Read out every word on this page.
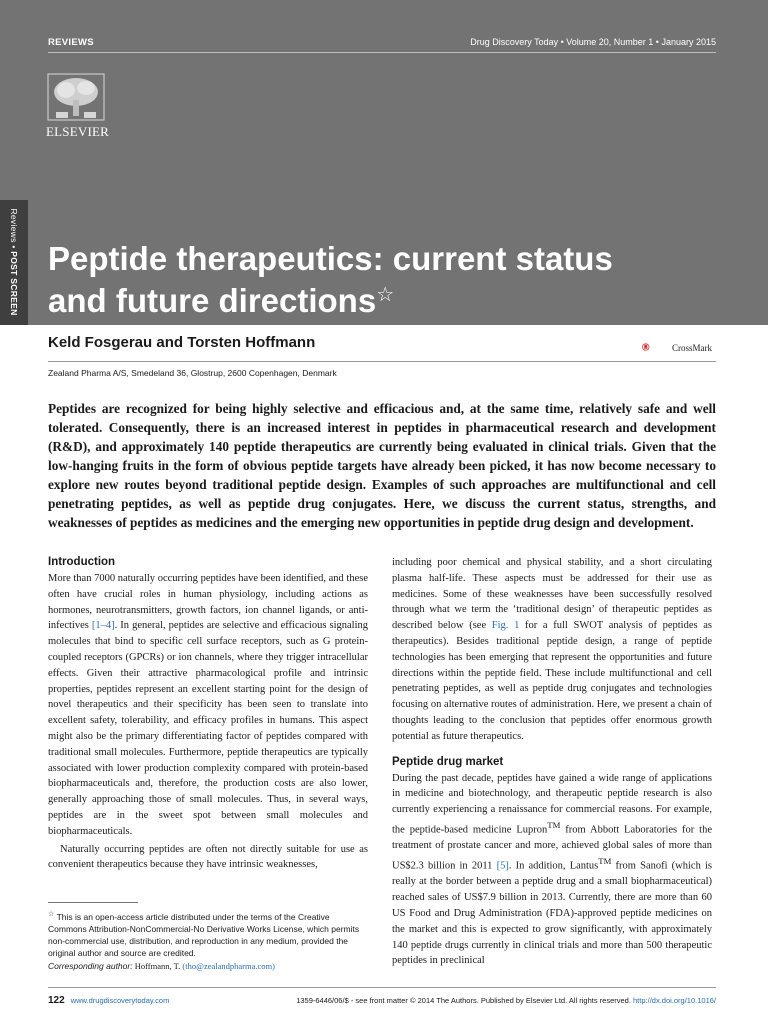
Reviews • POST SCREEN
REVIEWS	Drug Discovery Today • Volume 20, Number 1 • January 2015
ELSEVIER
Peptide therapeutics: current status
and future directions☆
Keld Fosgerau and Torsten Hoffmann	CrossMark
Zealand Pharma A/S, Smedeland 36, Glostrup, 2600 Copenhagen, Denmark

Peptides are recognized for being highly selective and efficacious and, at the same time, relatively safe and well tolerated. Consequently, there is an increased interest in peptides in pharmaceutical research and development (R&D), and approximately 140 peptide therapeutics are currently being evaluated in clinical trials. Given that the low-hanging fruits in the form of obvious peptide targets have already been picked, it has now become necessary to explore new routes beyond traditional peptide design. Examples of such approaches are multifunctional and cell penetrating peptides, as well as peptide drug conjugates. Here, we discuss the current status, strengths, and weaknesses of peptides as medicines and the emerging new opportunities in peptide drug design and development.

Introduction

More than 7000 naturally occurring peptides have been identified, and these often have crucial roles in human physiology, including actions as hormones, neurotransmitters, growth factors, ion channel ligands, or anti-infectives [1–4]. In general, peptides are selective and efficacious signaling molecules that bind to specific cell surface receptors, such as G protein-coupled receptors (GPCRs) or ion channels, where they trigger intracellular effects. Given their attractive pharmacological profile and intrinsic properties, peptides represent an excellent starting point for the design of novel therapeutics and their specificity has been seen to translate into excellent safety, tolerability, and efficacy profiles in humans. This aspect might also be the primary differentiating factor of peptides compared with traditional small molecules. Furthermore, peptide therapeutics are typically associated with lower production complexity compared with protein-based biopharmaceuticals and, therefore, the production costs are also lower, generally approaching those of small molecules. Thus, in several ways, peptides are in the sweet spot between small molecules and biopharmaceuticals.

Naturally occurring peptides are often not directly suitable for use as convenient therapeutics because they have intrinsic weaknesses,

including poor chemical and physical stability, and a short circulating plasma half-life. These aspects must be addressed for their use as medicines. Some of these weaknesses have been successfully resolved through what we term the ‘traditional design’ of therapeutic peptides as described below (see Fig. 1 for a full SWOT analysis of peptides as therapeutics). Besides traditional peptide design, a range of peptide technologies has been emerging that represent the opportunities and future directions within the peptide field. These include multifunctional and cell penetrating peptides, as well as peptide drug conjugates and technologies focusing on alternative routes of administration. Here, we present a chain of thoughts leading to the conclusion that peptides offer enormous growth potential as future therapeutics.

Peptide drug market

During the past decade, peptides have gained a wide range of applications in medicine and biotechnology, and therapeutic peptide research is also currently experiencing a renaissance for commercial reasons. For example, the peptide-based medicine Lupron™ from Abbott Laboratories for the treatment of prostate cancer and more, achieved global sales of more than US$2.3 billion in 2011 [5]. In addition, Lantus™ from Sanofi (which is really at the border between a peptide drug and a small biopharmaceutical) reached sales of US$7.9 billion in 2013. Currently, there are more than 60 US Food and Drug Administration (FDA)-approved peptide medicines on the market and this is expected to grow significantly, with approximately 140 peptide drugs currently in clinical trials and more than 500 therapeutic peptides in preclinical

☆ This is an open-access article distributed under the terms of the Creative Commons Attribution-NonCommercial-No Derivative Works License, which permits non-commercial use, distribution, and reproduction in any medium, provided the original author and source are credited.
Corresponding author: Hoffmann, T. (tho@zealandpharma.com)
122 www.drugdiscoverytoday.com	1359-6446/06/$ - see front matter © 2014 The Authors. Published by Elsevier Ltd. All rights reserved. http://dx.doi.org/10.1016/
